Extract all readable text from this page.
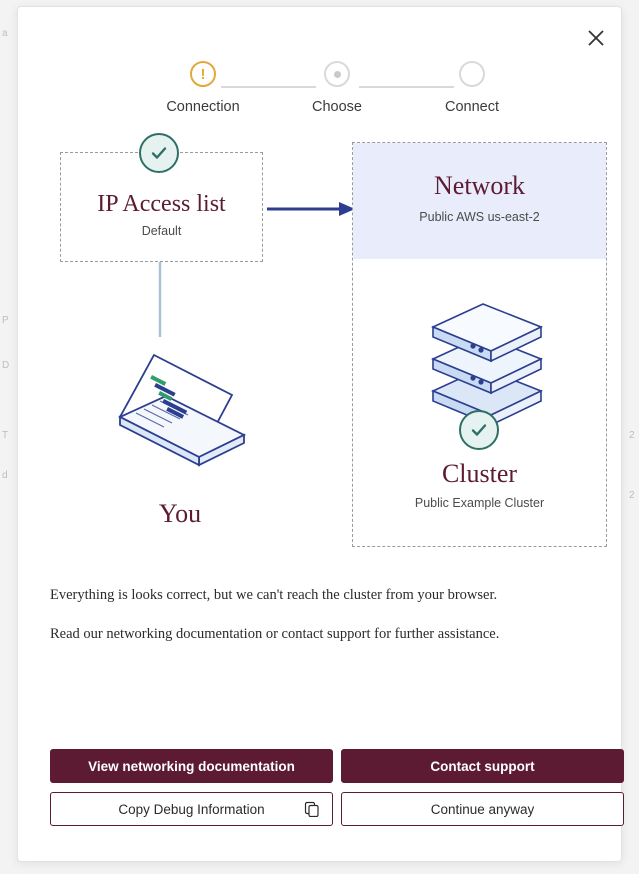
a
P
D
T
d
2
2
!
Connection	Choose	Connect
IP Access list
Default
Network
Public AWS us-east-2
Cluster
Public Example Cluster
You

Everything is looks correct, but we can't reach the cluster from your browser.

Read our networking documentation or contact support for further assistance.

View networking documentation	Contact support
Copy Debug Information	Continue anyway
